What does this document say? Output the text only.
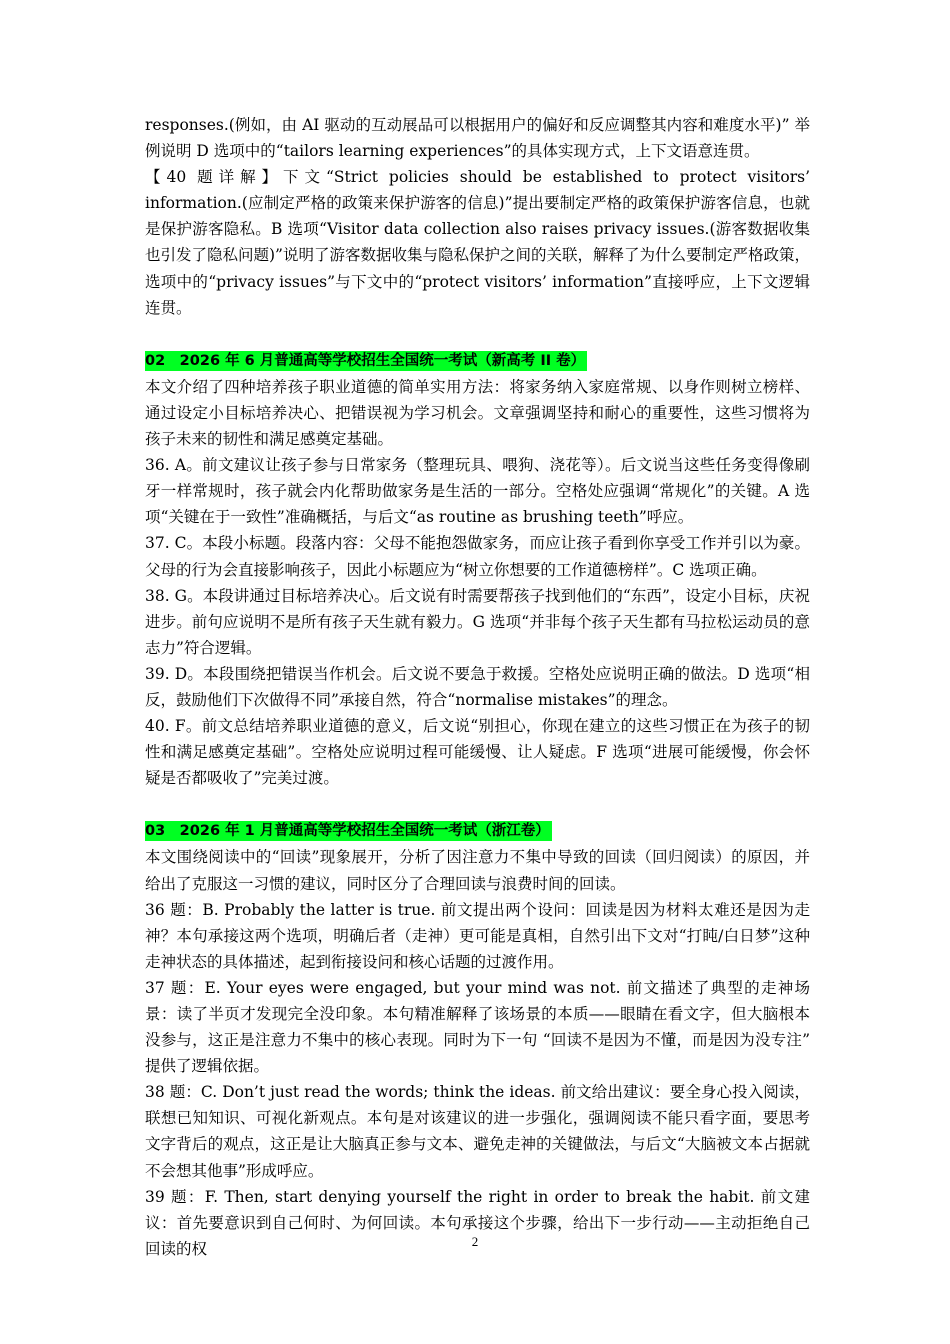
responses.(例如，由 AI 驱动的互动展品可以根据用户的偏好和反应调整其内容和难度水平)” 举例说明 D 选项中的“tailors learning experiences”的具体实现方式，上下文语意连贯。

【40 题详解】下文“Strict policies should be established to protect visitors’ information.(应制定严格的政策来保护游客的信息)”提出要制定严格的政策保护游客信息，也就是保护游客隐私。B 选项“Visitor data collection also raises privacy issues.(游客数据收集也引发了隐私问题)”说明了游客数据收集与隐私保护之间的关联，解释了为什么要制定严格政策，选项中的“privacy issues”与下文中的“protect visitors’ information”直接呼应，上下文逻辑连贯。

02　2026 年 6 月普通高等学校招生全国统一考试（新高考 II 卷）

本文介绍了四种培养孩子职业道德的简单实用方法：将家务纳入家庭常规、以身作则树立榜样、通过设定小目标培养决心、把错误视为学习机会。文章强调坚持和耐心的重要性，这些习惯将为孩子未来的韧性和满足感奠定基础。

36. A。前文建议让孩子参与日常家务（整理玩具、喂狗、浇花等）。后文说当这些任务变得像刷牙一样常规时，孩子就会内化帮助做家务是生活的一部分。空格处应强调“常规化”的关键。A 选项“关键在于一致性”准确概括，与后文“as routine as brushing teeth”呼应。

37. C。本段小标题。段落内容：父母不能抱怨做家务，而应让孩子看到你享受工作并引以为豪。父母的行为会直接影响孩子，因此小标题应为“树立你想要的工作道德榜样”。C 选项正确。

38. G。本段讲通过目标培养决心。后文说有时需要帮孩子找到他们的“东西”，设定小目标，庆祝进步。前句应说明不是所有孩子天生就有毅力。G 选项“并非每个孩子天生都有马拉松运动员的意志力”符合逻辑。

39. D。本段围绕把错误当作机会。后文说不要急于救援。空格处应说明正确的做法。D 选项“相反，鼓励他们下次做得不同”承接自然，符合“normalise mistakes”的理念。

40. F。前文总结培养职业道德的意义，后文说“别担心，你现在建立的这些习惯正在为孩子的韧性和满足感奠定基础”。空格处应说明过程可能缓慢、让人疑虑。F 选项“进展可能缓慢，你会怀疑是否都吸收了”完美过渡。

03　2026 年 1 月普通高等学校招生全国统一考试（浙江卷）

本文围绕阅读中的“回读”现象展开，分析了因注意力不集中导致的回读（回归阅读）的原因，并给出了克服这一习惯的建议，同时区分了合理回读与浪费时间的回读。

36 题：B. Probably the latter is true. 前文提出两个设问：回读是因为材料太难还是因为走神？本句承接这两个选项，明确后者（走神）更可能是真相，自然引出下文对“打盹/白日梦”这种走神状态的具体描述，起到衔接设问和核心话题的过渡作用。

37 题：E. Your eyes were engaged, but your mind was not. 前文描述了典型的走神场景：读了半页才发现完全没印象。本句精准解释了该场景的本质——眼睛在看文字，但大脑根本没参与，这正是注意力不集中的核心表现。同时为下一句 “回读不是因为不懂，而是因为没专注” 提供了逻辑依据。

38 题：C. Don’t just read the words; think the ideas. 前文给出建议：要全身心投入阅读，联想已知知识、可视化新观点。本句是对该建议的进一步强化，强调阅读不能只看字面，要思考文字背后的观点，这正是让大脑真正参与文本、避免走神的关键做法，与后文“大脑被文本占据就不会想其他事”形成呼应。

39 题：F. Then, start denying yourself the right in order to break the habit. 前文建议：首先要意识到自己何时、为何回读。本句承接这个步骤，给出下一步行动——主动拒绝自己回读的权	2
